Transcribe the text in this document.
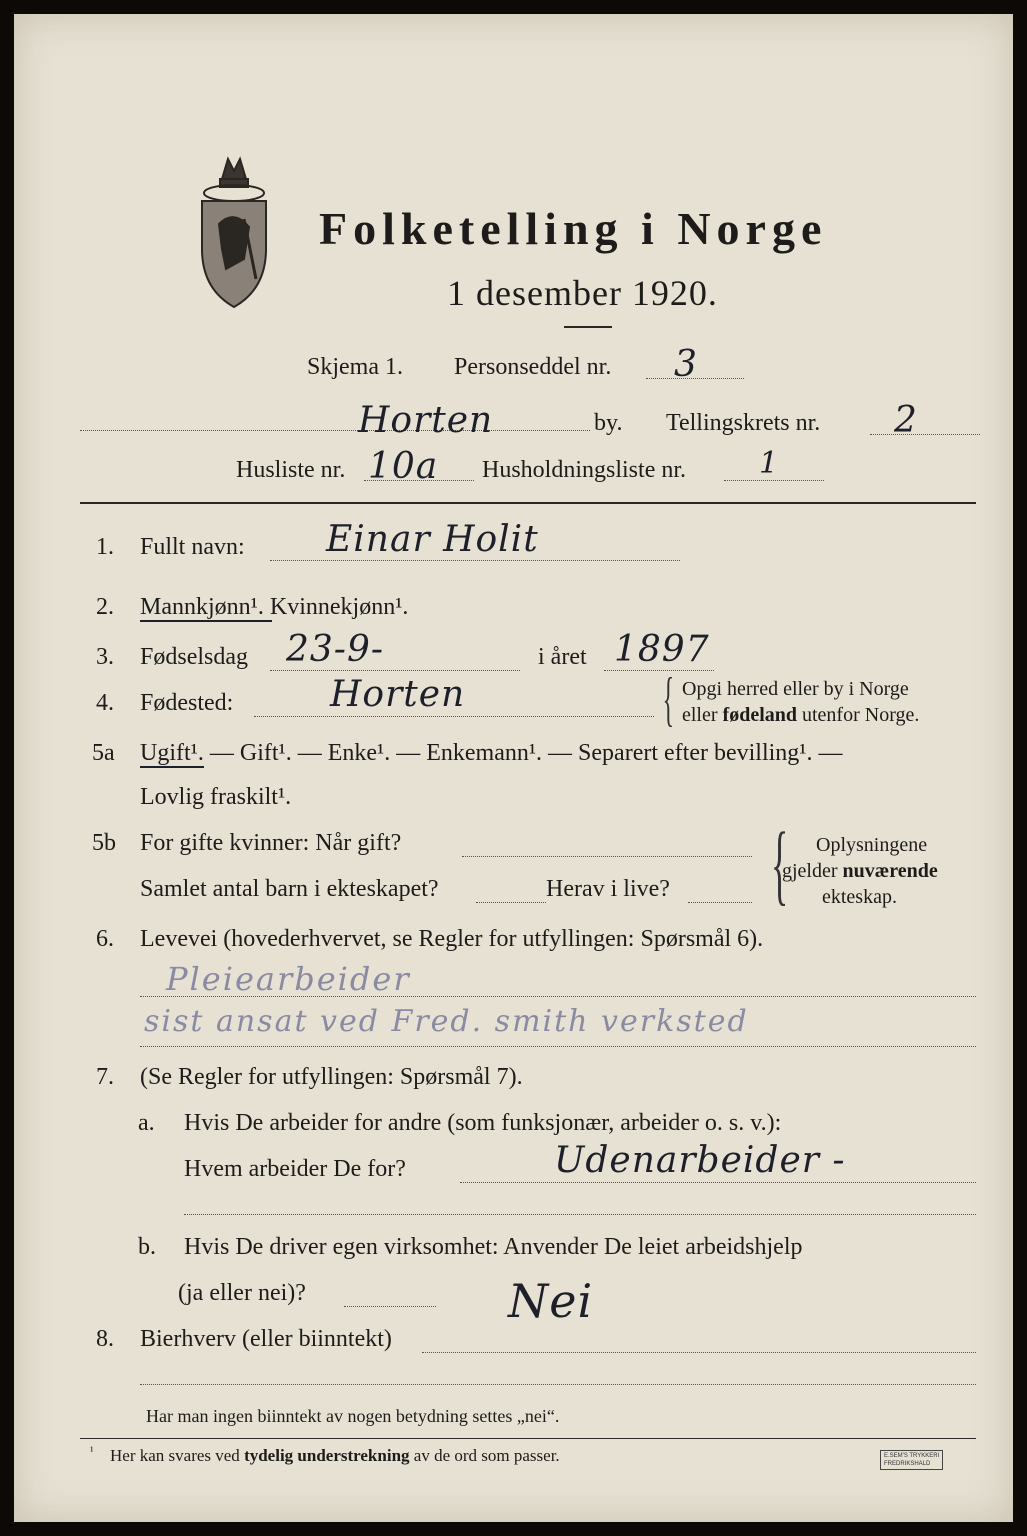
Folketelling i Norge
1 desember 1920.
Skjema 1. Personseddel nr. 3
Horten	by. Tellingskrets nr. 2
Husliste nr. 10a Husholdningsliste nr. 1
1. Fullt navn: Einar Holit
2. Mannkjønn¹. Kvinnekjønn¹.
3. Fødselsdag 23-9-	i året 1897
4. Fødested:	Horten	{ Opgi herred eller by i Norge
eller fødeland utenfor Norge.
5a Ugift¹. — Gift¹. — Enke¹. — Enkemann¹. — Separert efter bevilling¹. —
Lovlig fraskilt¹.
5b For gifte kvinner: Når gift?
Samlet antal barn i ekteskapet?	Herav i live? { Oplysningene
gjelder nuværende
ekteskap.
6. Levevei (hovederhvervet, se Regler for utfyllingen: Spørsmål 6).
Pleiearbeider
sist ansat ved Fred. smith verksted
7. (Se Regler for utfyllingen: Spørsmål 7).
a. Hvis De arbeider for andre (som funksjonær, arbeider o. s. v.):
Hvem arbeider De for?	Udenarbeider -
b. Hvis De driver egen virksomhet: Anvender De leiet arbeidshjelp
(ja eller nei)?	Nei
8. Bierhverv (eller biinntekt)
Har man ingen biinntekt av nogen betydning settes „nei“.
¹ Her kan svares ved tydelig understrekning av de ord som passer.	E.SEM'S TRYKKERI
FREDRIKSHALD
